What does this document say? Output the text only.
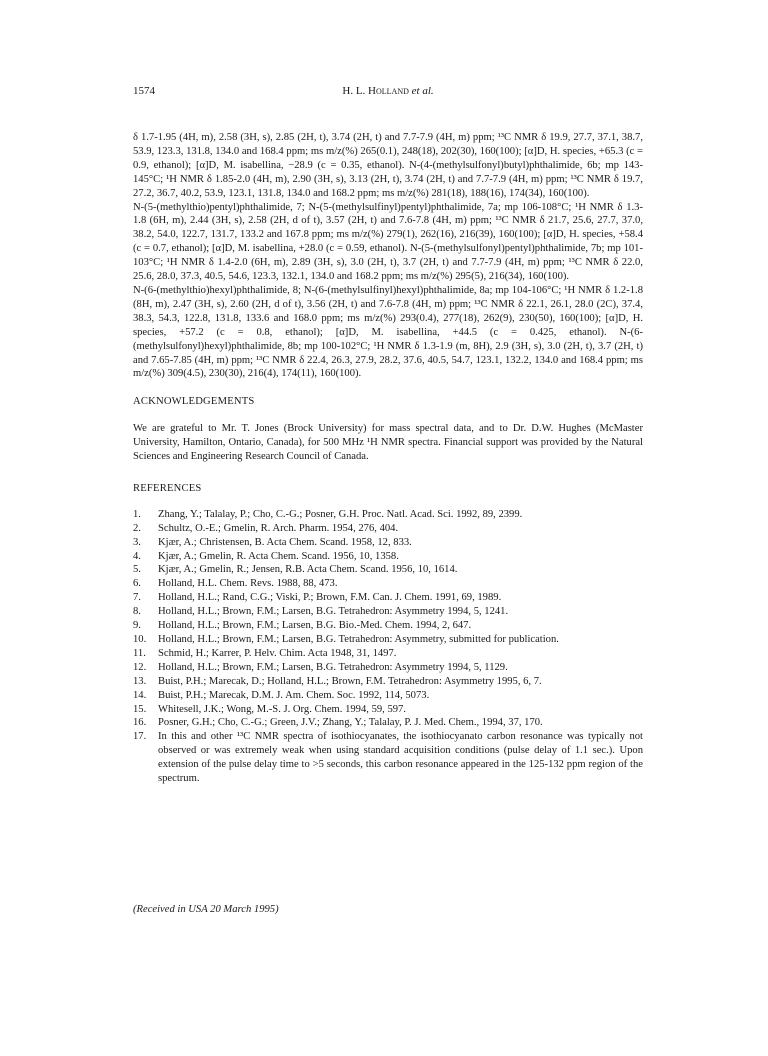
1574	H. L. Holland et al.

δ 1.7-1.95 (4H, m), 2.58 (3H, s), 2.85 (2H, t), 3.74 (2H, t) and 7.7-7.9 (4H, m) ppm; ¹³C NMR δ 19.9, 27.7, 37.1, 38.7, 53.9, 123.3, 131.8, 134.0 and 168.4 ppm; ms m/z(%) 265(0.1), 248(18), 202(30), 160(100); [α]D, H. species, +65.3 (c = 0.9, ethanol); [α]D, M. isabellina, −28.9 (c = 0.35, ethanol). N-(4-(methylsulfonyl)butyl)phthalimide, 6b; mp 143-145°C; ¹H NMR δ 1.85-2.0 (4H, m), 2.90 (3H, s), 3.13 (2H, t), 3.74 (2H, t) and 7.7-7.9 (4H, m) ppm; ¹³C NMR δ 19.7, 27.2, 36.7, 40.2, 53.9, 123.1, 131.8, 134.0 and 168.2 ppm; ms m/z(%) 281(18), 188(16), 174(34), 160(100).

N-(5-(methylthio)pentyl)phthalimide, 7; N-(5-(methylsulfinyl)pentyl)phthalimide, 7a; mp 106-108°C; ¹H NMR δ 1.3-1.8 (6H, m), 2.44 (3H, s), 2.58 (2H, d of t), 3.57 (2H, t) and 7.6-7.8 (4H, m) ppm; ¹³C NMR δ 21.7, 25.6, 27.7, 37.0, 38.2, 54.0, 122.7, 131.7, 133.2 and 167.8 ppm; ms m/z(%) 279(1), 262(16), 216(39), 160(100); [α]D, H. species, +58.4 (c = 0.7, ethanol); [α]D, M. isabellina, +28.0 (c = 0.59, ethanol). N-(5-(methylsulfonyl)pentyl)phthalimide, 7b; mp 101-103°C; ¹H NMR δ 1.4-2.0 (6H, m), 2.89 (3H, s), 3.0 (2H, t), 3.7 (2H, t) and 7.7-7.9 (4H, m) ppm; ¹³C NMR δ 22.0, 25.6, 28.0, 37.3, 40.5, 54.6, 123.3, 132.1, 134.0 and 168.2 ppm; ms m/z(%) 295(5), 216(34), 160(100).

N-(6-(methylthio)hexyl)phthalimide, 8; N-(6-(methylsulfinyl)hexyl)phthalimide, 8a; mp 104-106°C; ¹H NMR δ 1.2-1.8 (8H, m), 2.47 (3H, s), 2.60 (2H, d of t), 3.56 (2H, t) and 7.6-7.8 (4H, m) ppm; ¹³C NMR δ 22.1, 26.1, 28.0 (2C), 37.4, 38.3, 54.3, 122.8, 131.8, 133.6 and 168.0 ppm; ms m/z(%) 293(0.4), 277(18), 262(9), 230(50), 160(100); [α]D, H. species, +57.2 (c = 0.8, ethanol); [α]D, M. isabellina, +44.5 (c = 0.425, ethanol). N-(6-(methylsulfonyl)hexyl)phthalimide, 8b; mp 100-102°C; ¹H NMR δ 1.3-1.9 (m, 8H), 2.9 (3H, s), 3.0 (2H, t), 3.7 (2H, t) and 7.65-7.85 (4H, m) ppm; ¹³C NMR δ 22.4, 26.3, 27.9, 28.2, 37.6, 40.5, 54.7, 123.1, 132.2, 134.0 and 168.4 ppm; ms m/z(%) 309(4.5), 230(30), 216(4), 174(11), 160(100).

ACKNOWLEDGEMENTS

We are grateful to Mr. T. Jones (Brock University) for mass spectral data, and to Dr. D.W. Hughes (McMaster University, Hamilton, Ontario, Canada), for 500 MHz ¹H NMR spectra. Financial support was provided by the Natural Sciences and Engineering Research Council of Canada.

REFERENCES

1.	Zhang, Y.; Talalay, P.; Cho, C.-G.; Posner, G.H. Proc. Natl. Acad. Sci. 1992, 89, 2399.
2.	Schultz, O.-E.; Gmelin, R. Arch. Pharm. 1954, 276, 404.
3.	Kjær, A.; Christensen, B. Acta Chem. Scand. 1958, 12, 833.
4.	Kjær, A.; Gmelin, R. Acta Chem. Scand. 1956, 10, 1358.
5.	Kjær, A.; Gmelin, R.; Jensen, R.B. Acta Chem. Scand. 1956, 10, 1614.
6.	Holland, H.L. Chem. Revs. 1988, 88, 473.
7.	Holland, H.L.; Rand, C.G.; Viski, P.; Brown, F.M. Can. J. Chem. 1991, 69, 1989.
8.	Holland, H.L.; Brown, F.M.; Larsen, B.G. Tetrahedron: Asymmetry 1994, 5, 1241.
9.	Holland, H.L.; Brown, F.M.; Larsen, B.G. Bio.-Med. Chem. 1994, 2, 647.
10.	Holland, H.L.; Brown, F.M.; Larsen, B.G. Tetrahedron: Asymmetry, submitted for publication.
11.	Schmid, H.; Karrer, P. Helv. Chim. Acta 1948, 31, 1497.
12.	Holland, H.L.; Brown, F.M.; Larsen, B.G. Tetrahedron: Asymmetry 1994, 5, 1129.
13.	Buist, P.H.; Marecak, D.; Holland, H.L.; Brown, F.M. Tetrahedron: Asymmetry 1995, 6, 7.
14.	Buist, P.H.; Marecak, D.M. J. Am. Chem. Soc. 1992, 114, 5073.
15.	Whitesell, J.K.; Wong, M.-S. J. Org. Chem. 1994, 59, 597.
16.	Posner, G.H.; Cho, C.-G.; Green, J.V.; Zhang, Y.; Talalay, P. J. Med. Chem., 1994, 37, 170.
17.	In this and other ¹³C NMR spectra of isothiocyanates, the isothiocyanato carbon resonance was typically not observed or was extremely weak when using standard acquisition conditions (pulse delay of 1.1 sec.). Upon extension of the pulse delay time to >5 seconds, this carbon resonance appeared in the 125-132 ppm region of the spectrum.
(Received in USA 20 March 1995)
